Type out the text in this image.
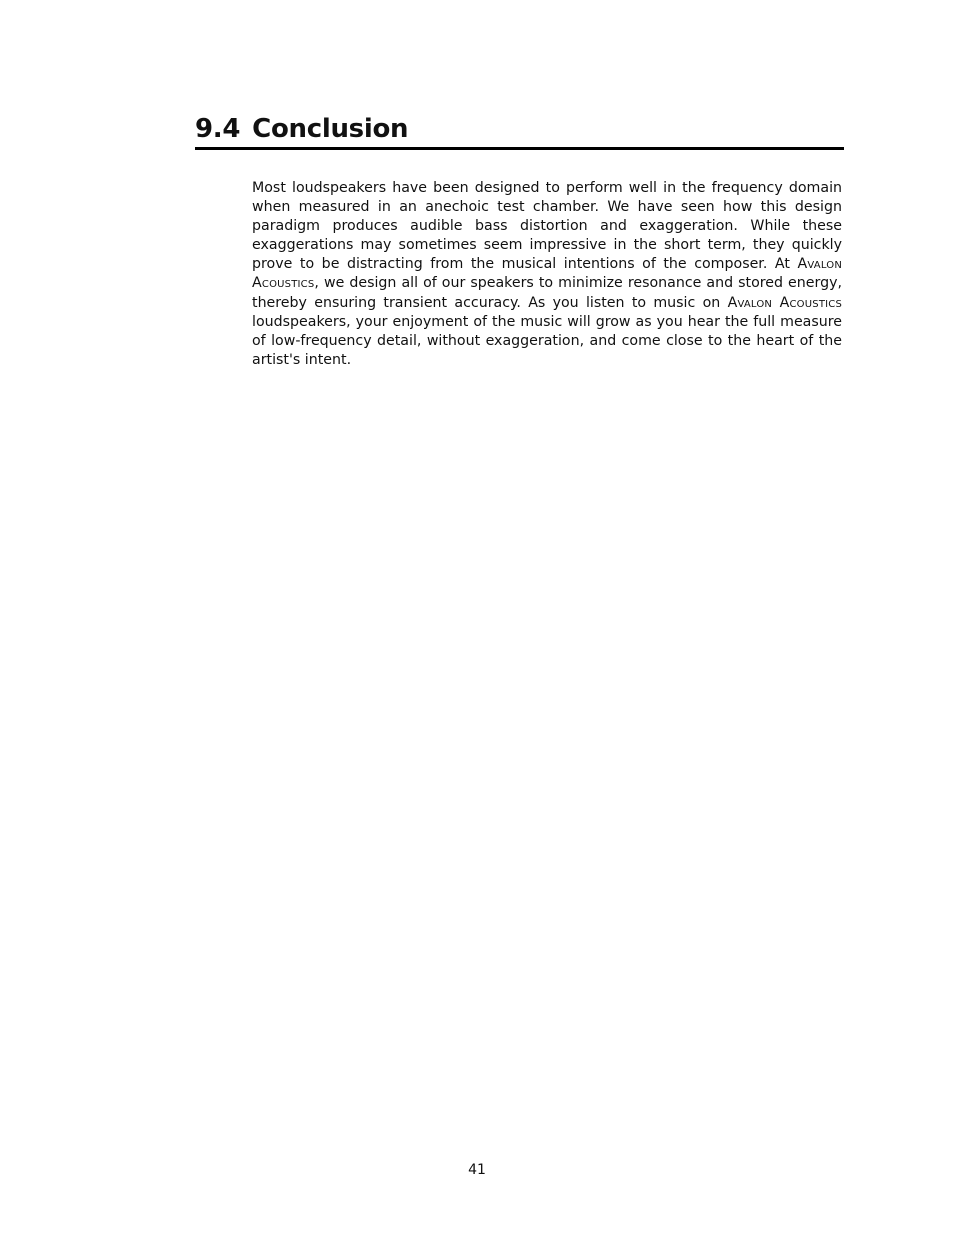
9.4 Conclusion

Most loudspeakers have been designed to perform well in the frequency domain when measured in an anechoic test chamber. We have seen how this design paradigm produces audible bass distortion and exaggeration. While these exaggerations may sometimes seem impressive in the short term, they quickly prove to be distracting from the musical intentions of the composer. At Avalon Acoustics, we design all of our speakers to minimize resonance and stored energy, thereby ensuring transient accuracy. As you listen to music on Avalon Acoustics loudspeakers, your enjoyment of the music will grow as you hear the full measure of low-frequency detail, without exaggeration, and come close to the heart of the artist's intent.

41
